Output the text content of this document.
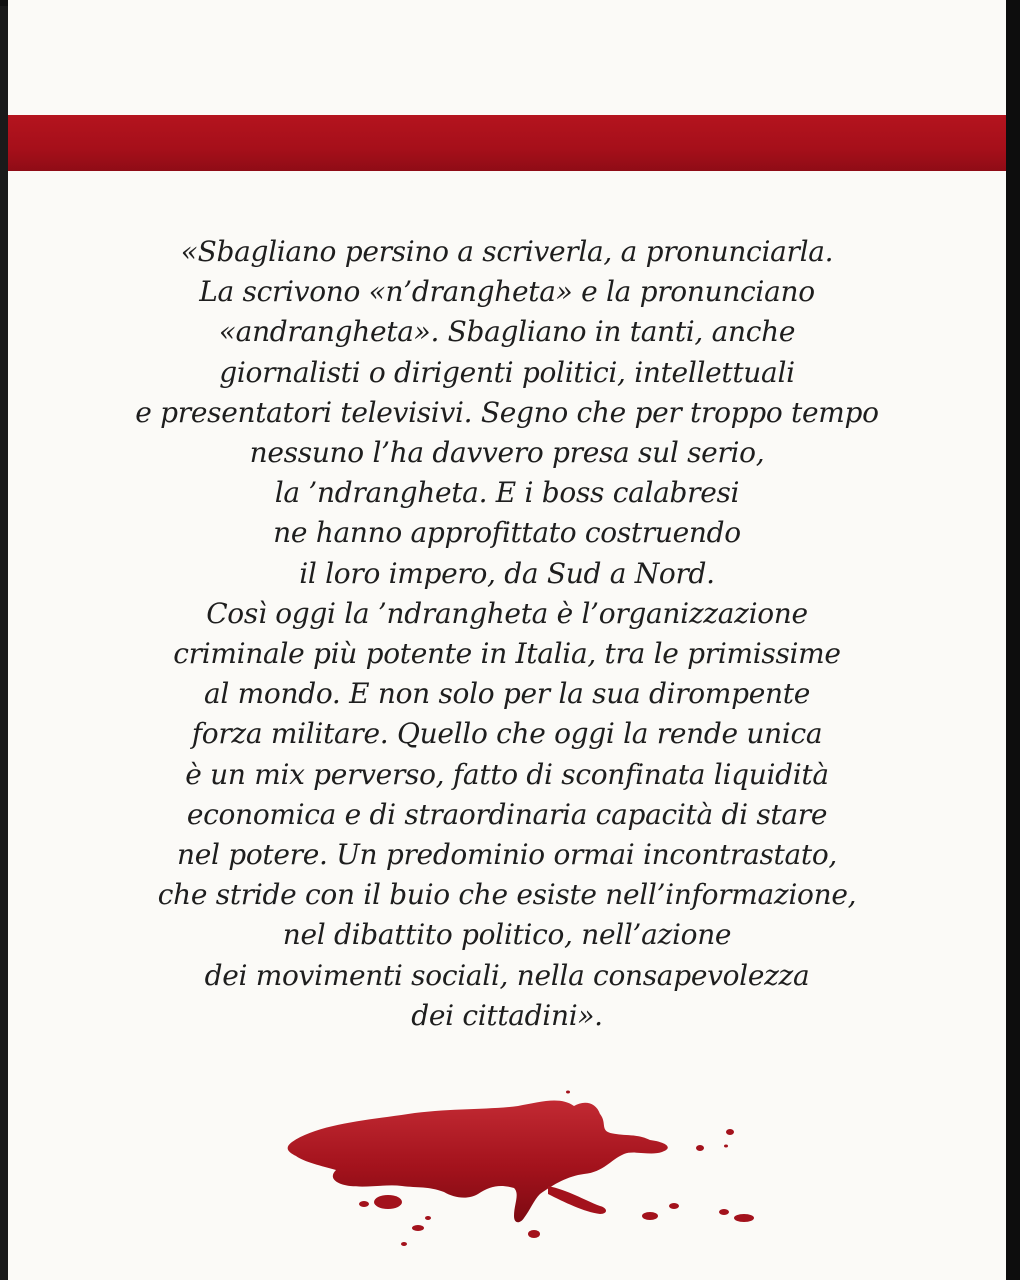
«Sbagliano persino a scriverla, a pronunciarla.
La scrivono «n’drangheta» e la pronunciano
«andrangheta». Sbagliano in tanti, anche
giornalisti o dirigenti politici, intellettuali
e presentatori televisivi. Segno che per troppo tempo
nessuno l’ha davvero presa sul serio,
la ’ndrangheta. E i boss calabresi
ne hanno approfittato costruendo
il loro impero, da Sud a Nord.
Così oggi la ’ndrangheta è l’organizzazione
criminale più potente in Italia, tra le primissime
al mondo. E non solo per la sua dirompente
forza militare. Quello che oggi la rende unica
è un mix perverso, fatto di sconfinata liquidità
economica e di straordinaria capacità di stare
nel potere. Un predominio ormai incontrastato,
che stride con il buio che esiste nell’informazione,
nel dibattito politico, nell’azione
dei movimenti sociali, nella consapevolezza
dei cittadini».
